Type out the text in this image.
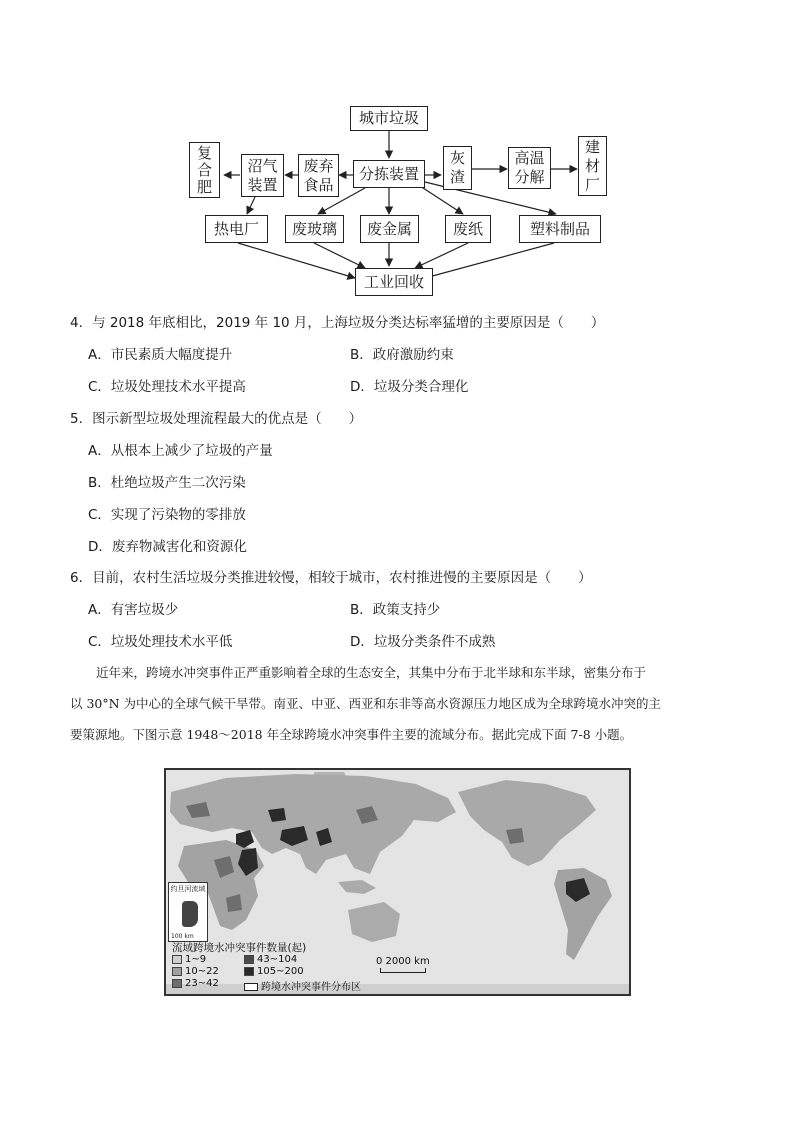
城市垃圾
分拣装置
复合肥
沼气装置
废弃食品
灰渣
高温分解
建材厂
热电厂	废玻璃	废金属	废纸	塑料制品
工业回收
4．与 2018 年底相比，2019 年 10 月，上海垃圾分类达标率猛增的主要原因是（　　）
A．市民素质大幅度提升	B．政府激励约束
C．垃圾处理技术水平提高	D．垃圾分类合理化
5．图示新型垃圾处理流程最大的优点是（　　）
A．从根本上减少了垃圾的产量
B．杜绝垃圾产生二次污染
C．实现了污染物的零排放
D．废弃物减害化和资源化
6．目前，农村生活垃圾分类推进较慢，相较于城市，农村推进慢的主要原因是（　　）
A．有害垃圾少	B．政策支持少
C．垃圾处理技术水平低	D．垃圾分类条件不成熟
近年来，跨境水冲突事件正严重影响着全球的生态安全，其集中分布于北半球和东半球，密集分布于
以 30°N 为中心的全球气候干旱带。南亚、中亚、西亚和东非等高水资源压力地区成为全球跨境水冲突的主
要策源地。下图示意 1948～2018 年全球跨境水冲突事件主要的流域分布。据此完成下面 7-8 小题。
约旦河流域
100 km
流域跨境水冲突事件数量(起)
1~9
10~22
23~42
43~104
105~200
跨境水冲突事件分布区
0 2000 km
